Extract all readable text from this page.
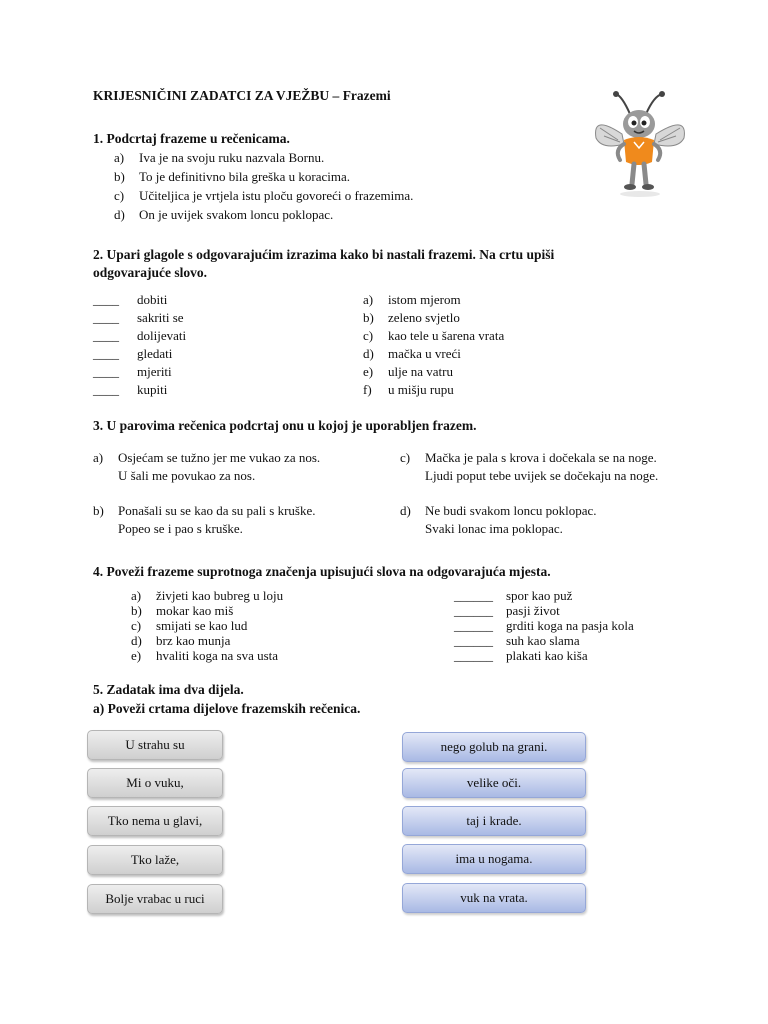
KRIJESNIČINI ZADATCI ZA VJEŽBU – Frazemi
1. Podcrtaj frazeme u rečenicama.
a) Iva je na svoju ruku nazvala Bornu.
b) To je definitivno bila greška u koracima.
c) Učiteljica je vrtjela istu ploču govoreći o frazemima.
d) On je uvijek svakom loncu poklopac.
2. Upari glagole s odgovarajućim izrazima kako bi nastali frazemi. Na crtu upiši
odgovarajuće slovo.
____ dobiti
____ sakriti se
____ dolijevati
____ gledati
____ mjeriti
____ kupiti
a) istom mjerom
b) zeleno svjetlo
c) kao tele u šarena vrata
d) mačka u vreći
e) ulje na vatru
f) u mišju rupu
3. U parovima rečenica podcrtaj onu u kojoj je uporabljen frazem.
a) Osjećam se tužno jer me vukao za nos.
U šali me povukao za nos.
c) Mačka je pala s krova i dočekala se na noge.
Ljudi poput tebe uvijek se dočekaju na noge.
b) Ponašali su se kao da su pali s kruške.
Popeo se i pao s kruške.
d) Ne budi svakom loncu poklopac.
Svaki lonac ima poklopac.
4. Poveži frazeme suprotnoga značenja upisujući slova na odgovarajuća mjesta.
a) živjeti kao bubreg u loju
b) mokar kao miš
c) smijati se kao lud
d) brz kao munja
e) hvaliti koga na sva usta
______ spor kao puž
______ pasji život
______ grditi koga na pasja kola
______ suh kao slama
______ plakati kao kiša
5. Zadatak ima dva dijela.
a) Poveži crtama dijelove frazemskih rečenica.
U strahu su
Mi o vuku,
Tko nema u glavi,
Tko laže,
Bolje vrabac u ruci
nego golub na grani.
velike oči.
taj i krade.
ima u nogama.
vuk na vrata.
